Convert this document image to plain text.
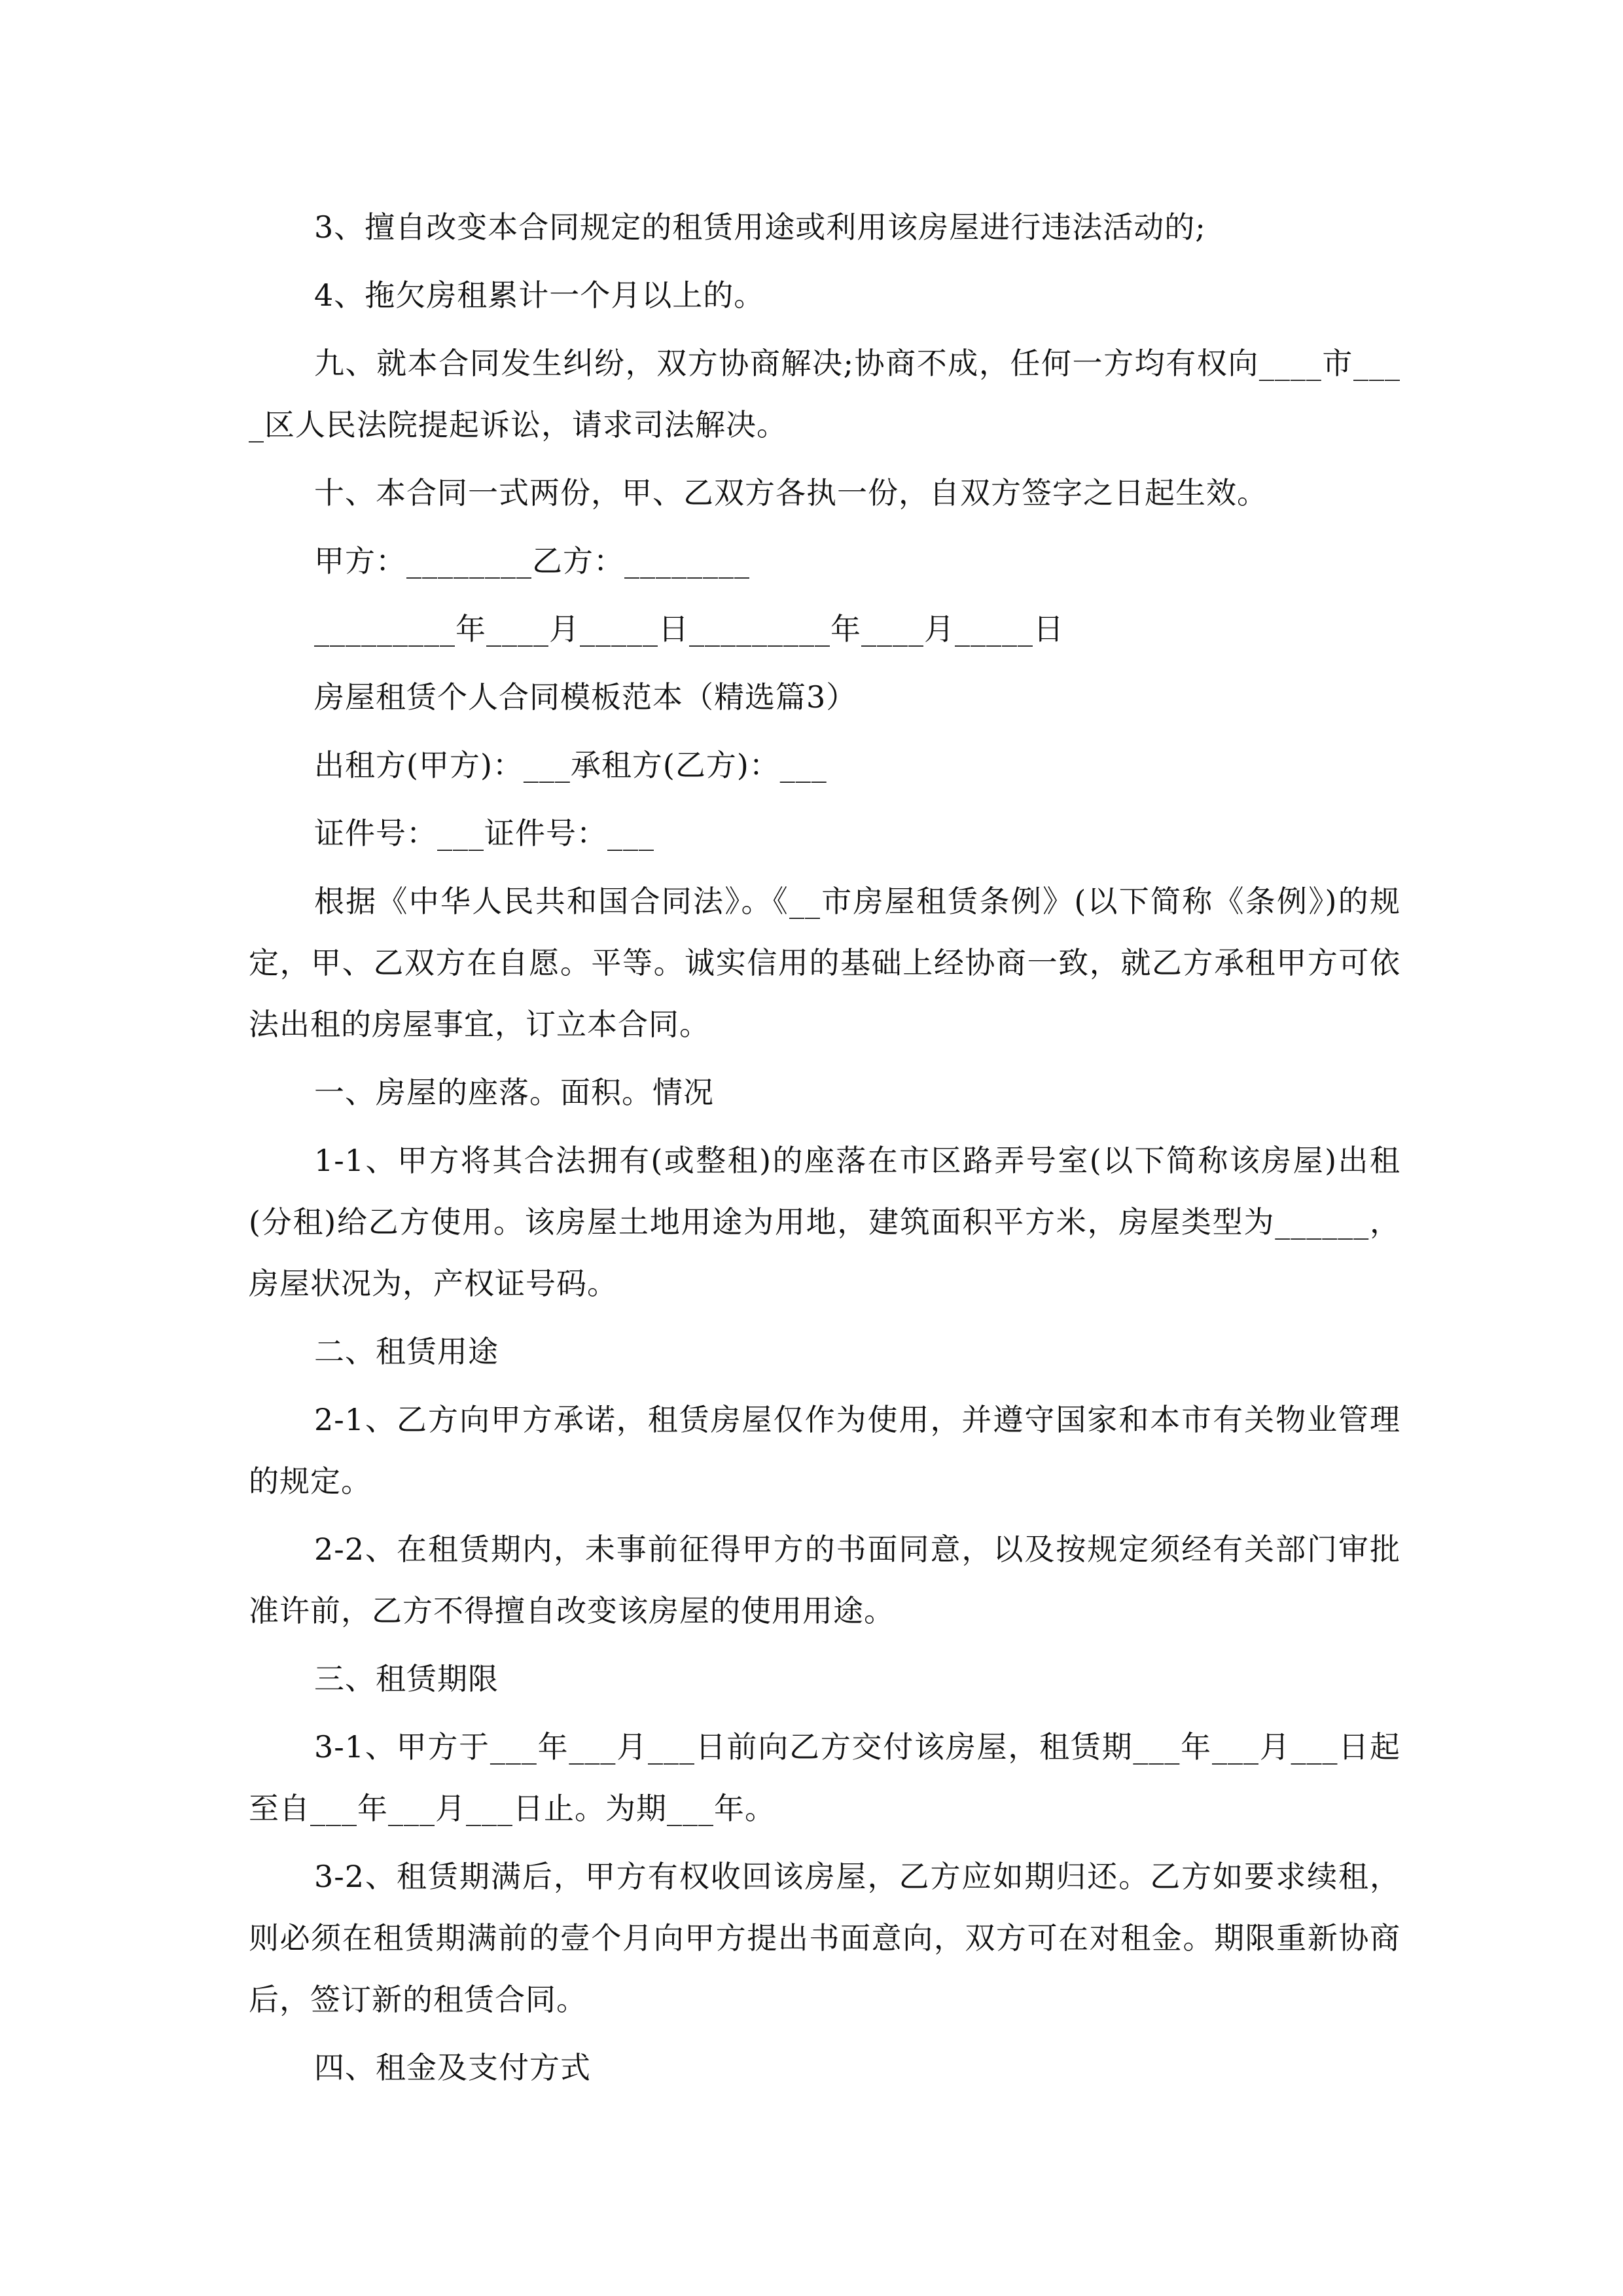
3、擅自改变本合同规定的租赁用途或利用该房屋进行违法活动的;

4、拖欠房租累计一个月以上的。

九、就本合同发生纠纷，双方协商解决;协商不成，任何一方均有权向____市____区人民法院提起诉讼，请求司法解决。

十、本合同一式两份，甲、乙双方各执一份，自双方签字之日起生效。

甲方：________乙方：________

_________年____月_____日_________年____月_____日

房屋租赁个人合同模板范本（精选篇3）

出租方(甲方)：___承租方(乙方)：___

证件号：___证件号：___

根据《中华人民共和国合同法》。《__市房屋租赁条例》(以下简称《条例》)的规定，甲、乙双方在自愿。平等。诚实信用的基础上经协商一致，就乙方承租甲方可依法出租的房屋事宜，订立本合同。

一、房屋的座落。面积。情况

1-1、甲方将其合法拥有(或整租)的座落在市区路弄号室(以下简称该房屋)出租(分租)给乙方使用。该房屋土地用途为用地，建筑面积平方米，房屋类型为______，房屋状况为，产权证号码。

二、租赁用途

2-1、乙方向甲方承诺，租赁房屋仅作为使用，并遵守国家和本市有关物业管理的规定。

2-2、在租赁期内，未事前征得甲方的书面同意，以及按规定须经有关部门审批准许前，乙方不得擅自改变该房屋的使用用途。

三、租赁期限

3-1、甲方于___年___月___日前向乙方交付该房屋，租赁期___年___月___日起至自___年___月___日止。为期___年。

3-2、租赁期满后，甲方有权收回该房屋，乙方应如期归还。乙方如要求续租，则必须在租赁期满前的壹个月向甲方提出书面意向，双方可在对租金。期限重新协商后，签订新的租赁合同。

四、租金及支付方式
